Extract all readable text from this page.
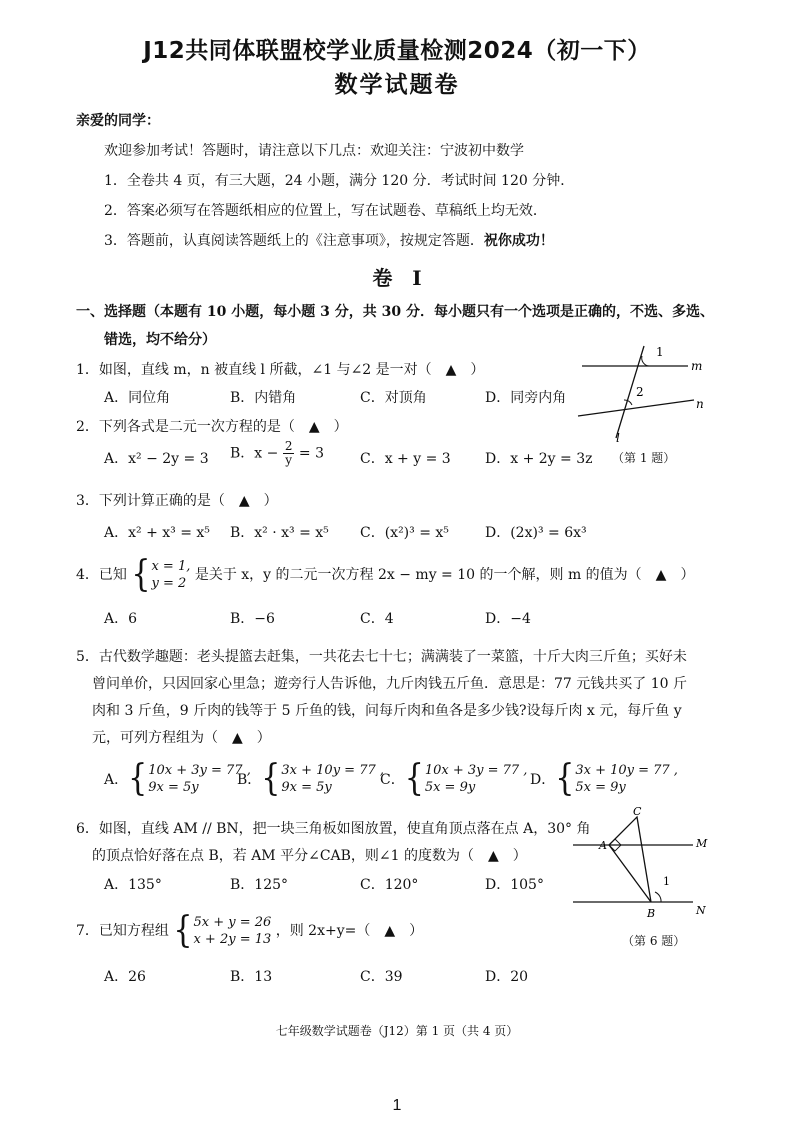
J12共同体联盟校学业质量检测2024（初一下）
数学试题卷
亲爱的同学：
欢迎参加考试！答题时，请注意以下几点：欢迎关注：宁波初中数学
1．全卷共 4 页，有三大题，24 小题，满分 120 分．考试时间 120 分钟．
2．答案必须写在答题纸相应的位置上，写在试题卷、草稿纸上均无效．
3．答题前，认真阅读答题纸上的《注意事项》，按规定答题．祝你成功！
卷　I
一、选择题（本题有 10 小题，每小题 3 分，共 30 分．每小题只有一个选项是正确的，不选、多选、
错选，均不给分）
1．如图，直线 m，n 被直线 l 所截，∠1 与∠2 是一对（　▲　）
A．同位角	B．内错角	C．对顶角	D．同旁内角
m
n
l
1
2
2．下列各式是二元一次方程的是（　▲　）
A．x² − 2y = 3 B．$x - \frac{2}{y} = 3$	C．x + y = 3 D．x + 2y = 3z （第 1 题）
3．下列计算正确的是（　▲　）
A．x² + x³ = x⁵ B．x² · x³ = x⁵ C．(x²)³ = x⁵	D．(2x)³ = 6x³
4．已知 { x = 1,
y = 2
是关于 x，y 的二元一次方程 2x − my = 10 的一个解，则 m 的值为（　▲　）
A．6	B．−6	C．4	D．−4
5．古代数学趣题：老头提篮去赶集，一共花去七十七；满满装了一菜篮，十斤大肉三斤鱼；买好未
曾问单价，只因回家心里急；遊旁行人告诉他，九斤肉钱五斤鱼．意思是：77 元钱共买了 10 斤
肉和 3 斤鱼，9 斤肉的钱等于 5 斤鱼的钱，问每斤肉和鱼各是多少钱?设每斤肉 x 元，每斤鱼 y
元，可列方程组为（　▲　）
A． { 10x + 3y = 77 ,
9x = 5y	B． { 3x + 10y = 77 ,
9x = 5y	C． { 10x + 3y = 77 ,
5x = 9y	D． { 3x + 10y = 77 ,
5x = 9y
6．如图，直线 AM // BN，把一块三角板如图放置，使直角顶点落在点 A，30° 角
的顶点恰好落在点 B，若 AM 平分∠CAB，则∠1 的度数为（　▲　）
A．135°	B．125°	C．120°	D．105°
A
B
C
M
N
1
（第 6 题）
7．已知方程组 { 5x + y = 26
x + 2y = 13
，则 2x+y=（　▲　）
A．26	B．13	C．39	D．20
七年级数学试题卷（J12）第 1 页（共 4 页）
1
